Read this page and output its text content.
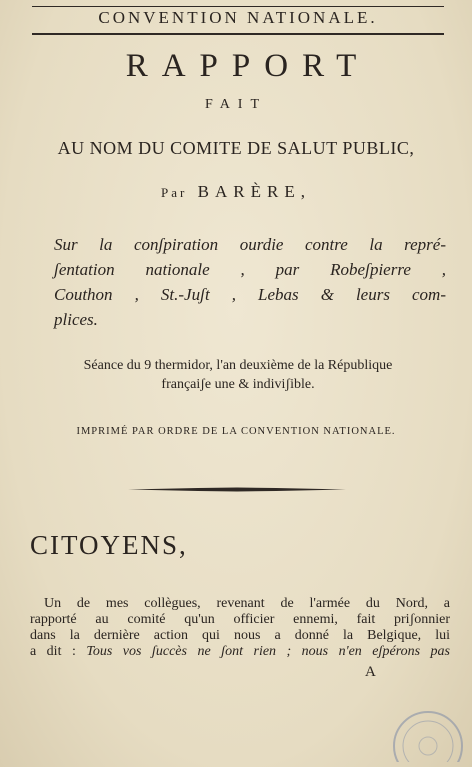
CONVENTION NATIONALE.
RAPPORT
FAIT
AU NOM DU COMITE DE SALUT PUBLIC,
Par BARÈRE,
Sur la conʃpiration ourdie contre la repré-
ʃentation nationale , par Robeʃpierre ,
Couthon , St.-Juʃt , Lebas & leurs com-
plices.
Séance du 9 thermidor, l'an deuxième de la République
françaiʃe une & indiviʃible.
IMPRIMÉ PAR ORDRE DE LA CONVENTION NATIONALE.
CITOYENS,
Un de mes collègues, revenant de l'armée du Nord, a
rapporté au comité qu'un officier ennemi, fait priʃonnier
dans la dernière action qui nous a donné la Belgique, lui
a dit : Tous vos ʃuccès ne ʃont rien ; nous n'en eʃpérons pas
A
